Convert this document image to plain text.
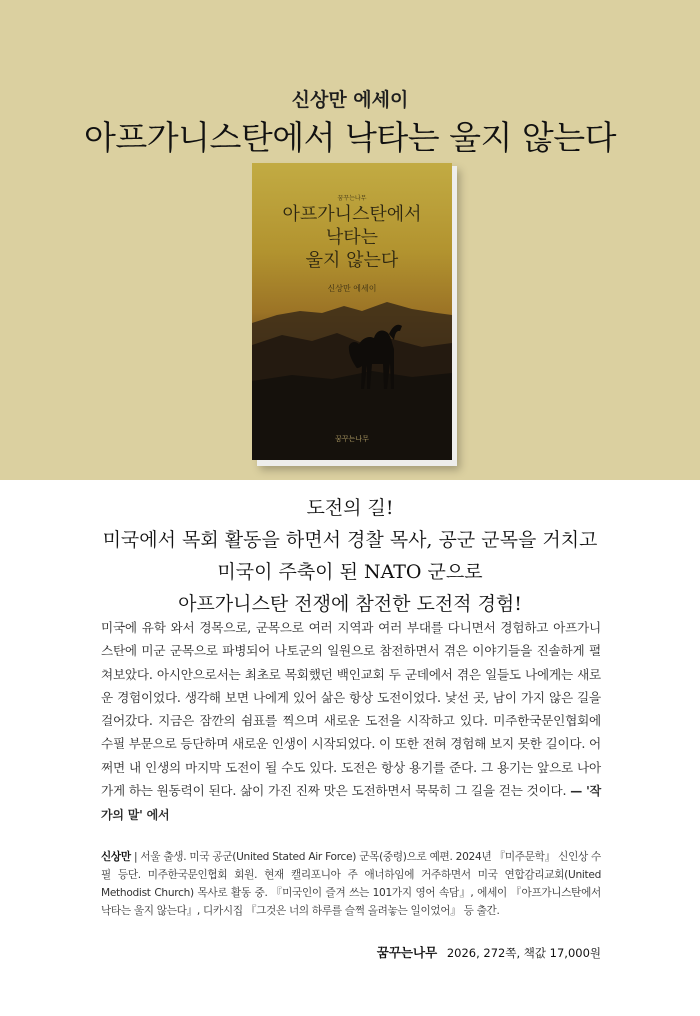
신상만 에세이
아프가니스탄에서 낙타는 울지 않는다
꿈꾸는나무
아프가니스탄에서
낙타는
울지 않는다
신상만 에세이
꿈꾸는나무
도전의 길!
미국에서 목회 활동을 하면서 경찰 목사, 공군 군목을 거치고
미국이 주축이 된 NATO 군으로
아프가니스탄 전쟁에 참전한 도전적 경험!
미국에 유학 와서 경목으로, 군목으로 여러 지역과 여러 부대를 다니면서 경험하고 아프가니스탄에 미군 군목으로 파병되어 나토군의 일원으로 참전하면서 겪은 이야기들을 진솔하게 펼쳐보았다. 아시안으로서는 최초로 목회했던 백인교회 두 군데에서 겪은 일들도 나에게는 새로운 경험이었다. 생각해 보면 나에게 있어 삶은 항상 도전이었다. 낯선 곳, 남이 가지 않은 길을 걸어갔다. 지금은 잠깐의 쉼표를 찍으며 새로운 도전을 시작하고 있다. 미주한국문인협회에 수필 부문으로 등단하며 새로운 인생이 시작되었다. 이 또한 전혀 경험해 보지 못한 길이다. 어쩌면 내 인생의 마지막 도전이 될 수도 있다. 도전은 항상 용기를 준다. 그 용기는 앞으로 나아가게 하는 원동력이 된다. 삶이 가진 진짜 맛은 도전하면서 묵묵히 그 길을 걷는 것이다. — '작가의 말' 에서
신상만 | 서울 출생. 미국 공군(United Stated Air Force) 군목(중령)으로 예편. 2024년 『미주문학』 신인상 수필 등단. 미주한국문인협회 회원. 현재 캘리포니아 주 애너하임에 거주하면서 미국 연합감리교회(United Methodist Church) 목사로 활동 중. 『미국인이 즐겨 쓰는 101가지 영어 속담』, 에세이 『아프가니스탄에서 낙타는 울지 않는다』, 디카시집 『그것은 너의 하루를 슬쩍 올려놓는 일이었어』 등 출간.
꿈꾸는나무 2026, 272쪽, 책값 17,000원
